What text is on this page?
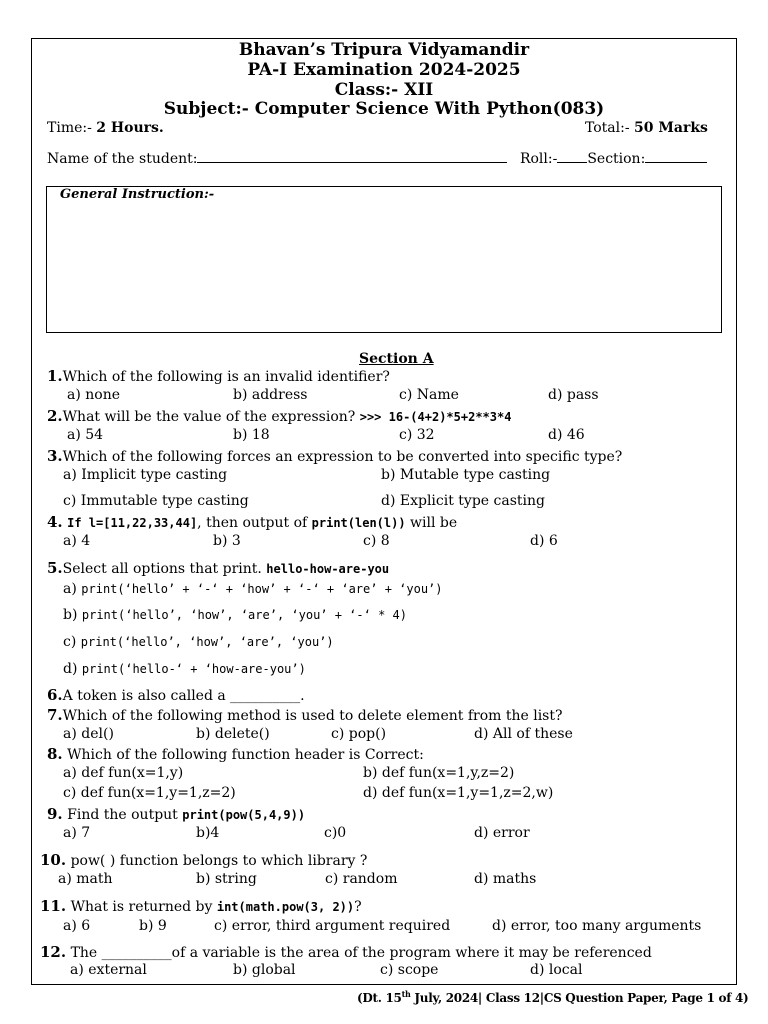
Bhavan’s Tripura Vidyamandir
PA-I Examination 2024-2025
Class:- XII
Subject:- Computer Science With Python(083)
Time:- 2 Hours.	Total:- 50 Marks
Name of the student:	Roll:- Section:
General Instruction:-
Section A
1.Which of the following is an invalid identifier?
a) none	b) address	c) Name	d) pass
2.What will be the value of the expression? >>> 16-(4+2)*5+2**3*4
a) 54	b) 18	c) 32	d) 46
3.Which of the following forces an expression to be converted into specific type?
a) Implicit type casting	b) Mutable type casting
c) Immutable type casting	d) Explicit type casting
4. If l=[11,22,33,44], then output of print(len(l)) will be
a) 4	b) 3	c) 8	d) 6
5.Select all options that print. hello-how-are-you
a) print(‘hello’ + ‘-‘ + ‘how’ + ‘-‘ + ‘are’ + ‘you’)
b) print(‘hello’, ‘how’, ‘are’, ‘you’ + ‘-‘ * 4)
c) print(‘hello’, ‘how’, ‘are’, ‘you’)
d) print(‘hello-‘ + ‘how-are-you’)
6.A token is also called a __________.
7.Which of the following method is used to delete element from the list?
a) del()	b) delete()	c) pop()	d) All of these
8. Which of the following function header is Correct:
a) def fun(x=1,y)	b) def fun(x=1,y,z=2)
c) def fun(x=1,y=1,z=2)	d) def fun(x=1,y=1,z=2,w)
9. Find the output print(pow(5,4,9))
a) 7	b)4	c)0	d) error
10. pow( ) function belongs to which library ?
a) math	b) string	c) random	d) maths
11. What is returned by int(math.pow(3, 2))?
a) 6	b) 9	c) error, third argument required	d) error, too many arguments
12. The __________of a variable is the area of the program where it may be referenced
a) external	b) global	c) scope	d) local
(Dt. 15th July, 2024| Class 12|CS Question Paper, Page 1 of 4)
